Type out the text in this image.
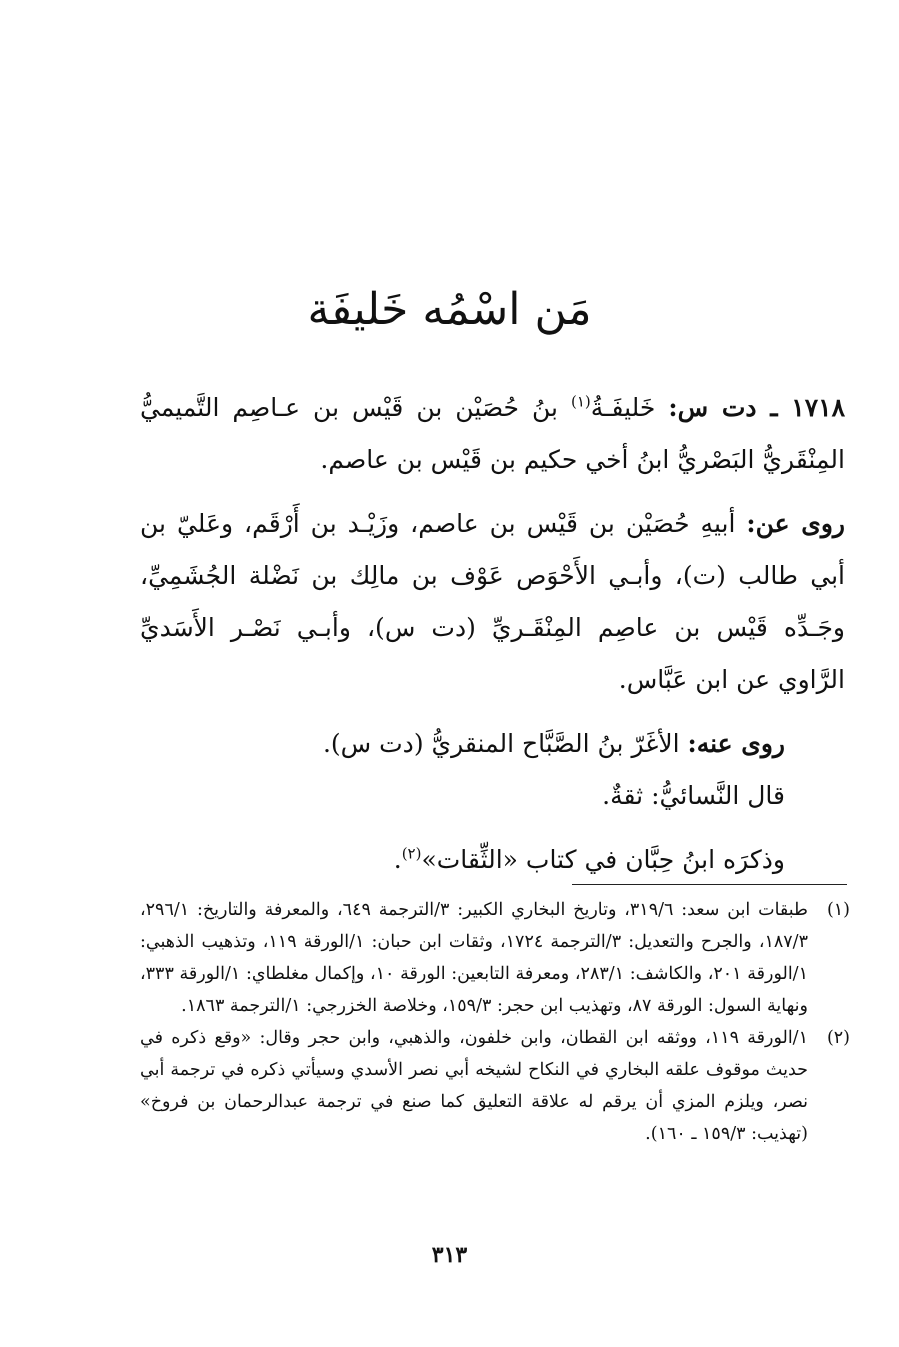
مَن اسْمُه خَليفَة

١٧١٨ ـ دت س: خَليفَـةُ$^{(١)}$ بنُ حُصَيْن بن قَيْس بن عـاصِم التَّميميُّ المِنْقَريُّ البَصْريُّ ابنُ أخي حكيم بن قَيْس بن عاصم.

روى عن: أبيهِ حُصَيْن بن قَيْس بن عاصم، وزَيْـد بن أَرْقَم، وعَليّ بن أبي طالب (ت)، وأبـي الأَحْوَص عَوْف بن مالِك بن نَضْلة الجُشَمِيِّ، وجَـدِّه قَيْس بن عاصِم المِنْقَـريِّ (دت س)، وأبـي نَصْـر الأَسَديِّ الرَّاوي عن ابن عَبَّاس.

روى عنه: الأغَرّ بنُ الصَّبَّاح المنقريُّ (دت س).

قال النَّسائيُّ: ثقةٌ.

وذكرَه ابنُ حِبَّان في كتاب «الثِّقات»$^{(٢)}$.

(١)
طبقات ابن سعد: ٣١٩/٦، وتاريخ البخاري الكبير: ٣/الترجمة ٦٤٩، والمعرفة والتاريخ: ٢٩٦/١، ١٨٧/٣، والجرح والتعديل: ٣/الترجمة ١٧٢٤، وثقات ابن حبان: ١/الورقة ١١٩، وتذهيب الذهبي: ١/الورقة ٢٠١، والكاشف: ٢٨٣/١، ومعرفة التابعين: الورقة ١٠، وإكمال مغلطاي: ١/الورقة ٣٣٣، ونهاية السول: الورقة ٨٧، وتهذيب ابن حجر: ١٥٩/٣، وخلاصة الخزرجي: ١/الترجمة ١٨٦٣.
(٢)
١/الورقة ١١٩، ووثقه ابن القطان، وابن خلفون، والذهبي، وابن حجر وقال: «وقع ذكره في حديث موقوف علقه البخاري في النكاح لشيخه أبي نصر الأسدي وسيأتي ذكره في ترجمة أبي نصر، ويلزم المزي أن يرقم له علاقة التعليق كما صنع في ترجمة عبدالرحمان بن فروخ» (تهذيب: ١٥٩/٣ ـ ١٦٠).
٣١٣
